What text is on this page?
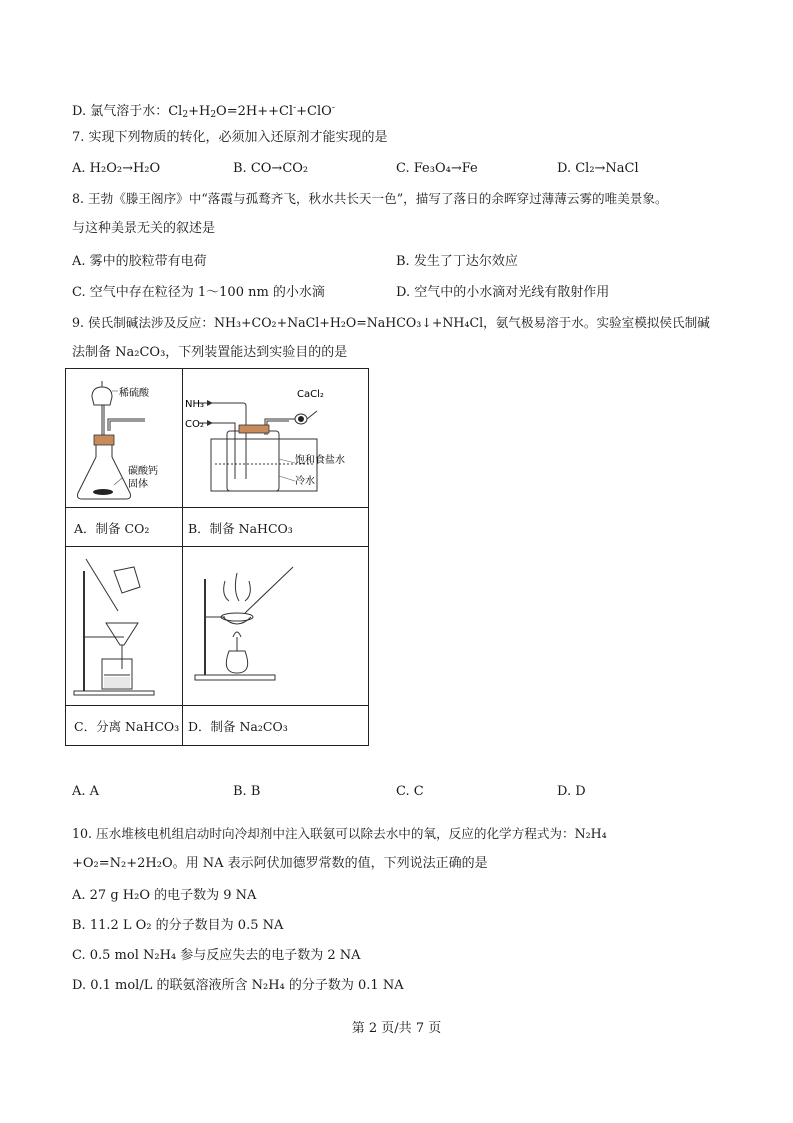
D. 氯气溶于水：$Cl_2+H_2O=2H++Cl^-+ClO^-$
7. 实现下列物质的转化，必须加入还原剂才能实现的是
A. H₂O₂→H₂O	B. CO→CO₂	C. Fe₃O₄→Fe	D. Cl₂→NaCl
8. 王勃《滕王阁序》中“落霞与孤鹜齐飞，秋水共长天一色”，描写了落日的余晖穿过薄薄云雾的唯美景象。
与这种美景无关的叙述是
A. 雾中的胶粒带有电荷	B. 发生了丁达尔效应
C. 空气中存在粒径为 1～100 nm 的小水滴	D. 空气中的小水滴对光线有散射作用
9. 侯氏制碱法涉及反应：NH₃+CO₂+NaCl+H₂O=NaHCO₃↓+NH₄Cl，氨气极易溶于水。实验室模拟侯氏制碱
法制备 Na₂CO₃，下列装置能达到实验目的的是
稀硫酸
碳酸钙
固体
NH₃
CO₂
CaCl₂
饱和食盐水
冷水
A．制备 CO₂	B．制备 NaHCO₃
C．分离 NaHCO₃ D．制备 Na₂CO₃
A. A	B. B	C. C	D. D
10. 压水堆核电机组启动时向冷却剂中注入联氨可以除去水中的氧，反应的化学方程式为：N₂H₄
+O₂=N₂+2H₂O。用 NA 表示阿伏加德罗常数的值，下列说法正确的是
A. 27 g H₂O 的电子数为 9 NA
B. 11.2 L O₂ 的分子数目为 0.5 NA
C. 0.5 mol N₂H₄ 参与反应失去的电子数为 2 NA
D. 0.1 mol/L 的联氨溶液所含 N₂H₄ 的分子数为 0.1 NA
第 2 页/共 7 页
